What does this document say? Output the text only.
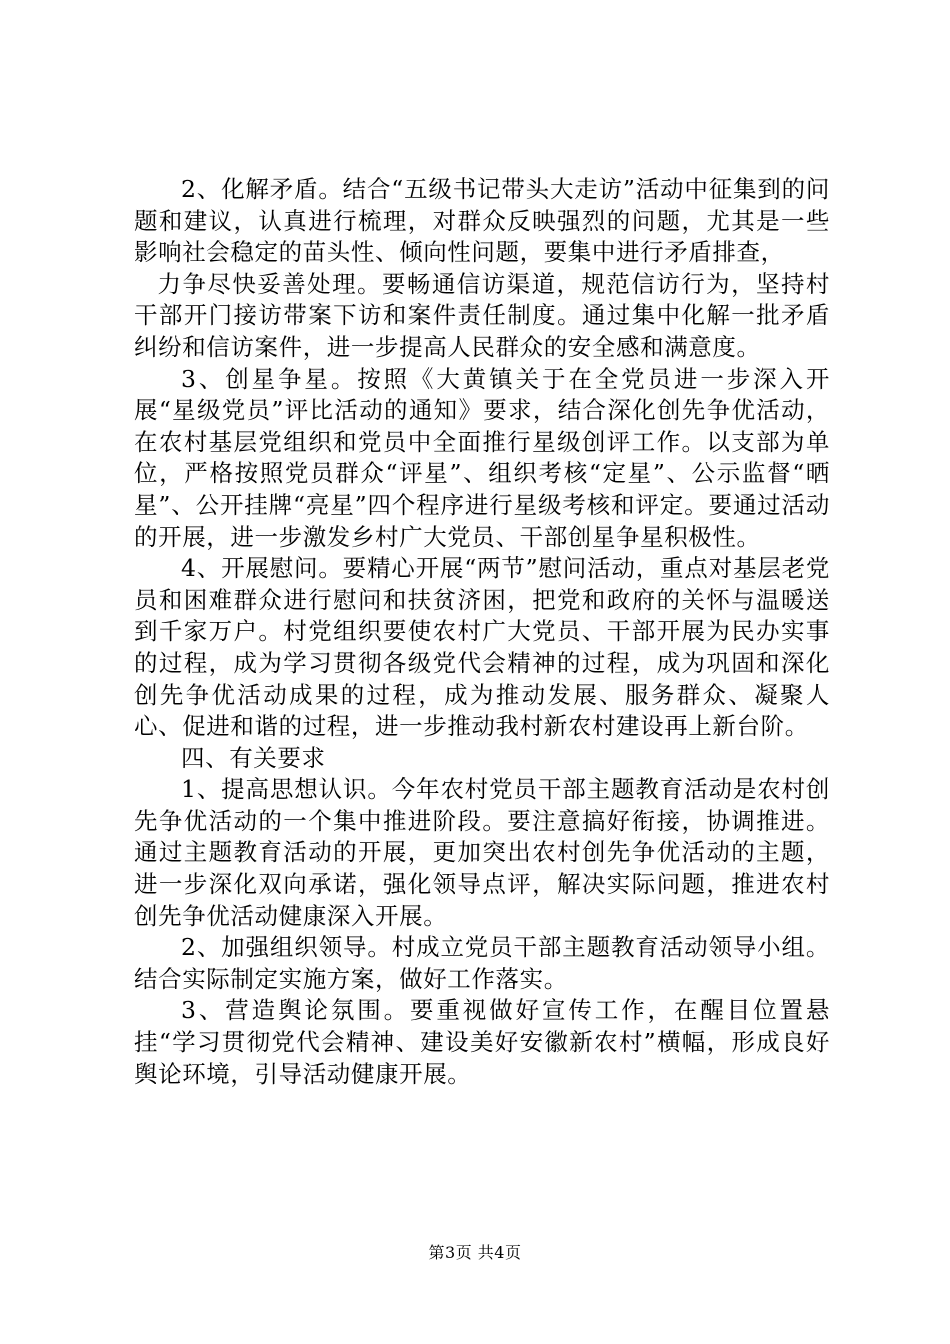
2、化解矛盾。结合“五级书记带头大走访”活动中征集到的问题和建议，认真进行梳理，对群众反映强烈的问题，尤其是一些影响社会稳定的苗头性、倾向性问题，要集中进行矛盾排查，

力争尽快妥善处理。要畅通信访渠道，规范信访行为，坚持村干部开门接访带案下访和案件责任制度。通过集中化解一批矛盾纠纷和信访案件，进一步提高人民群众的安全感和满意度。

3、创星争星。按照《大黄镇关于在全党员进一步深入开展“星级党员”评比活动的通知》要求，结合深化创先争优活动，在农村基层党组织和党员中全面推行星级创评工作。以支部为单位，严格按照党员群众“评星”、组织考核“定星”、公示监督“晒星”、公开挂牌“亮星”四个程序进行星级考核和评定。要通过活动的开展，进一步激发乡村广大党员、干部创星争星积极性。

4、开展慰问。要精心开展“两节”慰问活动，重点对基层老党员和困难群众进行慰问和扶贫济困，把党和政府的关怀与温暖送到千家万户。村党组织要使农村广大党员、干部开展为民办实事的过程，成为学习贯彻各级党代会精神的过程，成为巩固和深化创先争优活动成果的过程，成为推动发展、服务群众、凝聚人心、促进和谐的过程，进一步推动我村新农村建设再上新台阶。

四、有关要求

1、提高思想认识。今年农村党员干部主题教育活动是农村创先争优活动的一个集中推进阶段。要注意搞好衔接，协调推进。通过主题教育活动的开展，更加突出农村创先争优活动的主题，进一步深化双向承诺，强化领导点评，解决实际问题，推进农村创先争优活动健康深入开展。

2、加强组织领导。村成立党员干部主题教育活动领导小组。结合实际制定实施方案，做好工作落实。

3、营造舆论氛围。要重视做好宣传工作，在醒目位置悬挂“学习贯彻党代会精神、建设美好安徽新农村”横幅，形成良好舆论环境，引导活动健康开展。

第3页 共4页
